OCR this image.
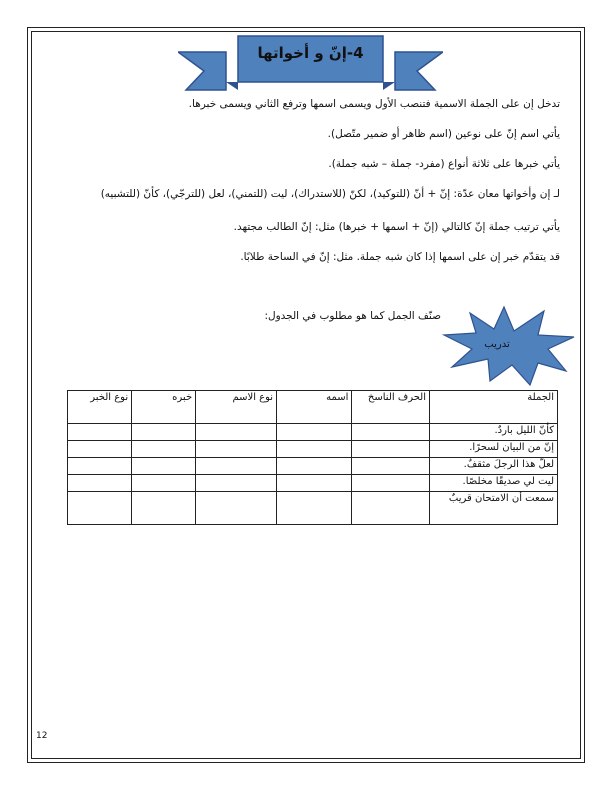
4-إنّ و أخواتها
تدخل إن على الجملة الاسمية فتنصب الأول ويسمى اسمها وترفع الثاني ويسمى خبرها.
يأتي اسم إنّ على نوعين (اسم ظاهر أو ضمير متّصل).
يأتي خبرها على ثلاثة أنواع (مفرد- جملة – شبه جملة).
لـ إن وأخواتها معان عدّة: إنّ + أنّ (للتوكيد)، لكنّ (للاستدراك)، ليت (للتمني)، لعل (للترجّي)، كأنّ (للتشبيه)
يأتي ترتيب جملة إنّ كالتالي (إنّ + اسمها + خبرها) مثل: إنّ الطالب مجتهد.
قد يتقدّم خبر إن على اسمها إذا كان شبه جملة. مثل: إنّ في الساحة طلابًا.
صنّف الجمل كما هو مطلوب في الجدول:
تدريب
الجملة	الحرف الناسخ	اسمه	نوع الاسم	خبره	نوع الخبر
كأنّ الليل باردٌ.					
إنّ من البيان لسحرًا.					
لعلّ هذا الرجلَ مثقفٌ.					
ليت لي صديقًا مخلصًا.					
سمعت أن الامتحان قريبٌ					
12
